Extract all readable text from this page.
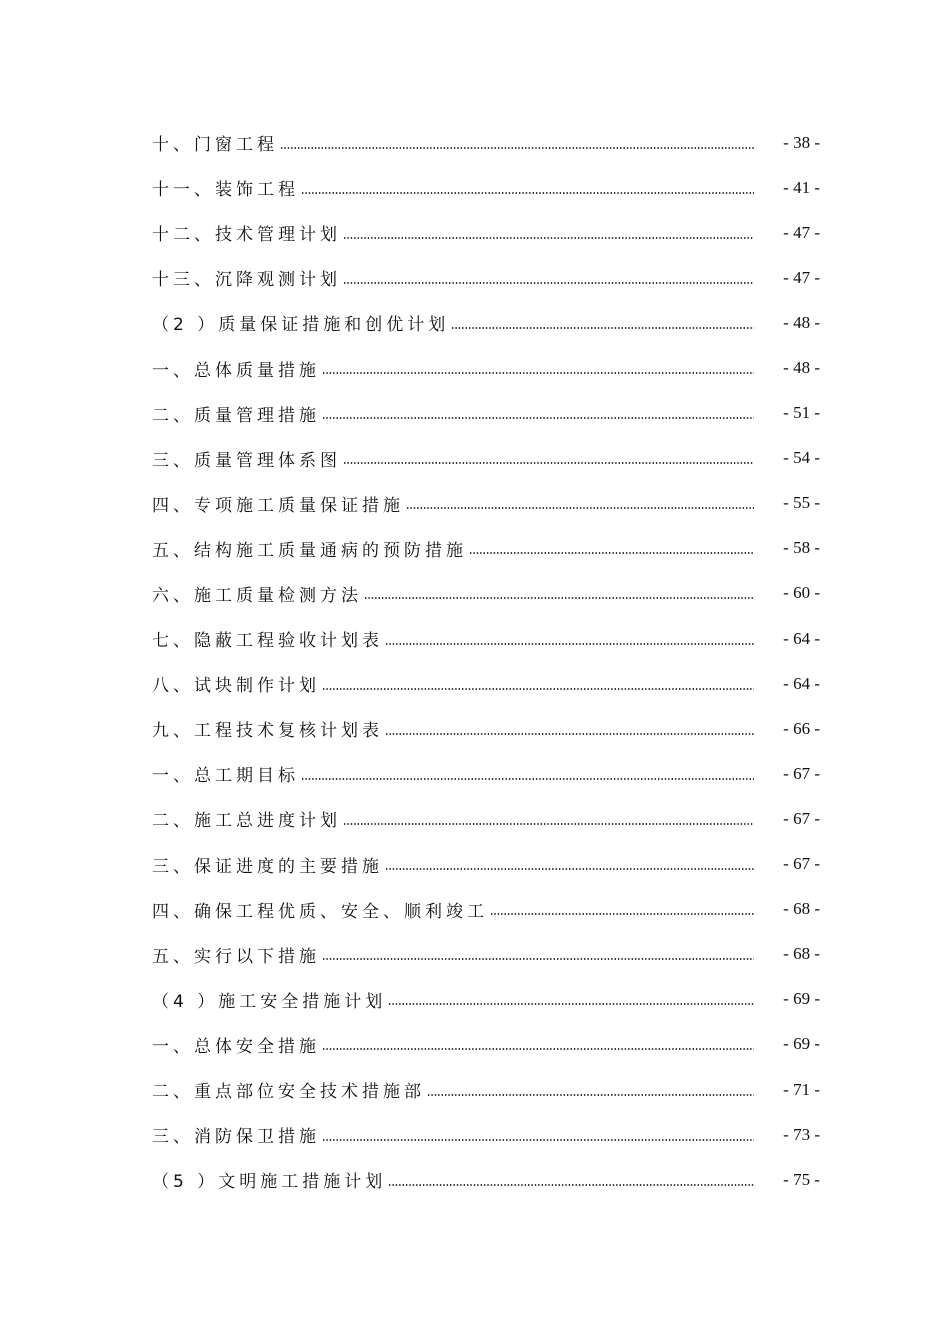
十、门窗工程	- 38 -
十一、装饰工程	- 41 -
十二、技术管理计划	- 47 -
十三、沉降观测计划	- 47 -
（2 ）质量保证措施和创优计划	- 48 -
一、总体质量措施	- 48 -
二、质量管理措施	- 51 -
三、质量管理体系图	- 54 -
四、专项施工质量保证措施	- 55 -
五、结构施工质量通病的预防措施	- 58 -
六、施工质量检测方法	- 60 -
七、隐蔽工程验收计划表	- 64 -
八、试块制作计划	- 64 -
九、工程技术复核计划表	- 66 -
一、总工期目标	- 67 -
二、施工总进度计划	- 67 -
三、保证进度的主要措施	- 67 -
四、确保工程优质、安全、顺利竣工	- 68 -
五、实行以下措施	- 68 -
（4 ）施工安全措施计划	- 69 -
一、总体安全措施	- 69 -
二、重点部位安全技术措施部	- 71 -
三、消防保卫措施	- 73 -
（5 ）文明施工措施计划	- 75 -
